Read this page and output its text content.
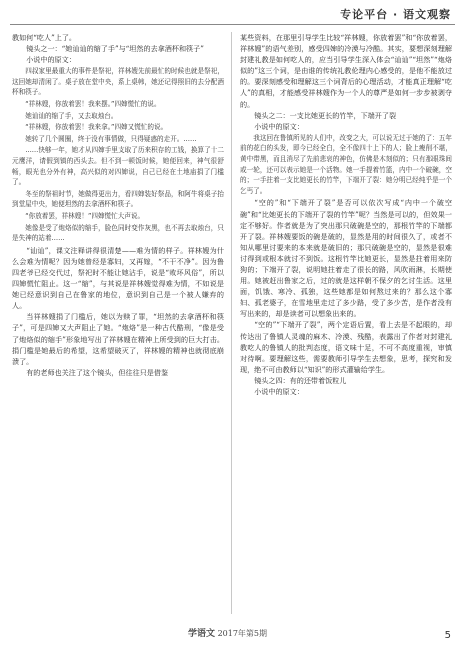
专论平台 · 语文观察

教如何“吃人”上了。

镜头之一：“她讪讪的缩了手”与“坦然的去拿酒杯和筷子”

小说中的原文：

四叔家里最重大的事件是祭祀，祥林嫂先前最忙的时候也就是祭祀，这回她却清闲了。桌子放在堂中央，系上桌帏，她还记得照旧的去分配酒杯和筷子。

“祥林嫂，你放着罢！我来摆。”四婶慌忙的说。

她讪讪的缩了手，又去取烛台。

“祥林嫂，你放着罢！我来拿。”四婶又慌忙的说。

她转了几个圆圈，终于没有事情做，只得疑惑的走开。……

……快够一年，她才从四婶手里支取了历来积存的工钱，换算了十二元鹰洋，请假到镇的西头去。但不到一顿饭时候，她便回来，神气很舒畅，眼光也分外有神，高兴似的对四婶说，自己已经在土地庙捐了门槛了。

冬至的祭祖时节，她做得更出力，看四婶装好祭品，和阿牛将桌子抬到堂屋中央，她便坦然的去拿酒杯和筷子。

“你放着罢，祥林嫂！”四婶慌忙大声说。

她像是受了炮烙似的缩手，脸色同时变作灰黑，也不再去取烛台，只是失神的站着……

“讪讪”，课文注释讲得很清楚——难为情的样子。祥林嫂为什么会难为情呢？因为她曾经是寡妇，又再嫁，“不干不净”。因为鲁四老爷已经交代过，祭祀时不能让她沾手，说是“败坏风俗”，所以四婶慌忙阻止。这一“缩”，与其说是祥林嫂觉得难为情，不如说是她已经意识到自己在鲁家的地位，意识到自己是一个被人嫌弃的人。

当祥林嫂捐了门槛后，她以为赎了罪，“坦然的去拿酒杯和筷子”，可是四婶又大声阻止了她。“炮烙”是一种古代酷刑，“像是受了炮烙似的缩手”形象地写出了祥林嫂在精神上所受到的巨大打击。捐门槛是她最后的希望，这希望破灭了，祥林嫂的精神也就彻底崩溃了。

有的老师也关注了这个镜头，但往往只是借鉴

某些资料，在那里引导学生比较“祥林嫂，你放着罢”和“你放着罢，祥林嫂”的语气差别，感受四婶的冷漠与冷酷。其实，要想深刻理解封建礼教是如何吃人的，应当引导学生深入体会“讪讪”“坦然”“炮烙似的”这三个词，是由谁的传统礼教伦理内心感受的，是他不能放过的。要深刻感受和理解这三个词背后的心理活动，才能真正理解“吃人”的真相，才能感受祥林嫂作为一个人的尊严是如何一步步被剥夺的。

镜头之二：一支比她更长的竹竿，下端开了裂

小说中的原文：

我这回在鲁镇所见的人们中，改变之大，可以说无过于她的了：五年前的花白的头发，即今已经全白，全不像四十上下的人；脸上瘦削不堪，黄中带黑，而且消尽了先前悲哀的神色，仿佛是木刻似的；只有那眼珠间或一轮，还可以表示她是一个活物。她一手提着竹篮，内中一个破碗，空的；一手拄着一支比她更长的竹竿，下端开了裂：她分明已经纯乎是一个乞丐了。

“空的”和“下端开了裂”是否可以依次写成“内中一个破空碗”和“比她更长的下端开了裂的竹竿”呢？当然是可以的，但效果一定不够好。作者就是为了突出那只破碗是空的，那根竹竿的下端都开了裂。祥林嫂要饭的碗是破的，显然是用的时间很久了，或者不知从哪里讨要来的本来就是破旧的；那只破碗是空的，显然是很难讨得到或根本就讨不到饭。这根竹竿比她更长，显然是拄着用来防狗的；下端开了裂，说明她拄着走了很长的路，风吹雨淋，长期使用。她被赶出鲁家之后，过的就是这样朝不保夕的乞讨生活。这里面，饥饿、寒冷、孤独，这些她都是如何熬过来的？那么这个寡妇、孤老婆子，在雪地里走过了多少路，受了多少苦，是作者没有写出来的，却是读者可以想象出来的。

“空的”“下端开了裂”，两个定语后置，看上去是不起眼的，却传达出了鲁镇人灵魂的麻木、冷漠、残酷，表露出了作者对封建礼教吃人的鲁镇人的批判态度，语文味十足，不可不高度重视，审慎对待啊。要理解这些，需要教师引导学生去想象，思考，探究和发现，绝不可由教师以“知识”的形式灌输给学生。

镜头之四：有的还带着饭粒儿

小说中的原文：

学语文 2017年第5期	5
